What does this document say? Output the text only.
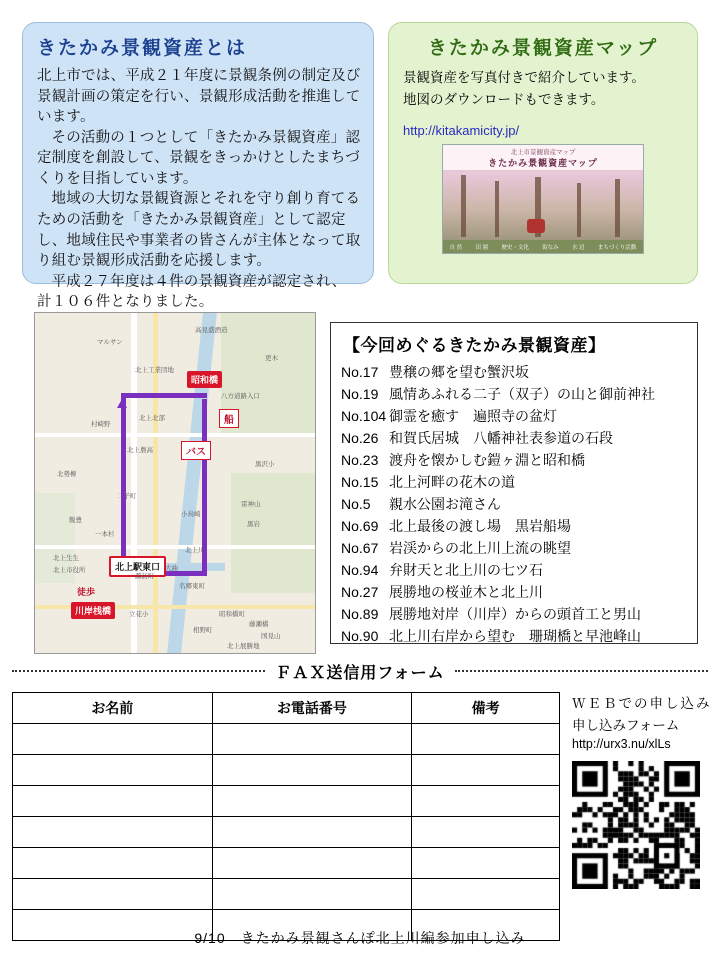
きたかみ景観資産とは

北上市では、平成２１年度に景観条例の制定及び景観計画の策定を行い、景観形成活動を推進しています。

その活動の１つとして「きたかみ景観資産」認定制度を創設して、景観をきっかけとしたまちづくりを目指しています。

地域の大切な景観資源とそれを守り創り育てるための活動を「きたかみ景観資産」として認定し、地域住民や事業者の皆さんが主体となって取り組む景観形成活動を応援します。

平成２７年度は４件の景観資産が認定され、計１０６件となりました。

きたかみ景観資産マップ

景観資産を写真付きで紹介しています。

地図のダウンロードもできます。

http://kitakamicity.jp/
北上市景観資産マップ
きたかみ景観資産マップ
自 然 田 園 歴史・文化 街なみ 水 辺 まちづくり活動
昭和橋
北上駅東口
川岸桟橋
船
バス
徒歩
マルサン
高見盛酒造
更木
北上工業団地
八方道路入口
村崎野
北上北部
北上農高
黒沢小
北勢柳
二子町
小鳥崎
雷神山
黒岩
飯豊
一本杉
北上生生
北上市役所
諏訪町
大曲
北上川
名郷東町
立花小	昭和橋町
相野町
藤瀬橋
国見山
北上展勝地
【今回めぐるきたかみ景観資産】
No.17 豊穣の郷を望む蟹沢坂
No.19 風情あふれる二子（双子）の山と御前神社
No.104 御霊を癒す　遍照寺の盆灯
No.26 和賀氏居城　八幡神社表参道の石段
No.23 渡舟を懐かしむ鎧ヶ淵と昭和橋
No.15 北上河畔の花木の道
No.5 親水公園お滝さん
No.69 北上最後の渡し場　黒岩船場
No.67 岩渓からの北上川上流の眺望
No.94 弁財天と北上川の七ツ石
No.27 展勝地の桜並木と北上川
No.89 展勝地対岸（川岸）からの頭首工と男山
No.90 北上川右岸から望む　珊瑚橋と早池峰山
ＦＡＸ送信用フォーム
お名前	お電話番号	備考

			ＷＥＢでの申し込み
申し込みフォーム
http://urx3.nu/xlLs
9/10　きたかみ景観さんぽ北上川編参加申し込み
